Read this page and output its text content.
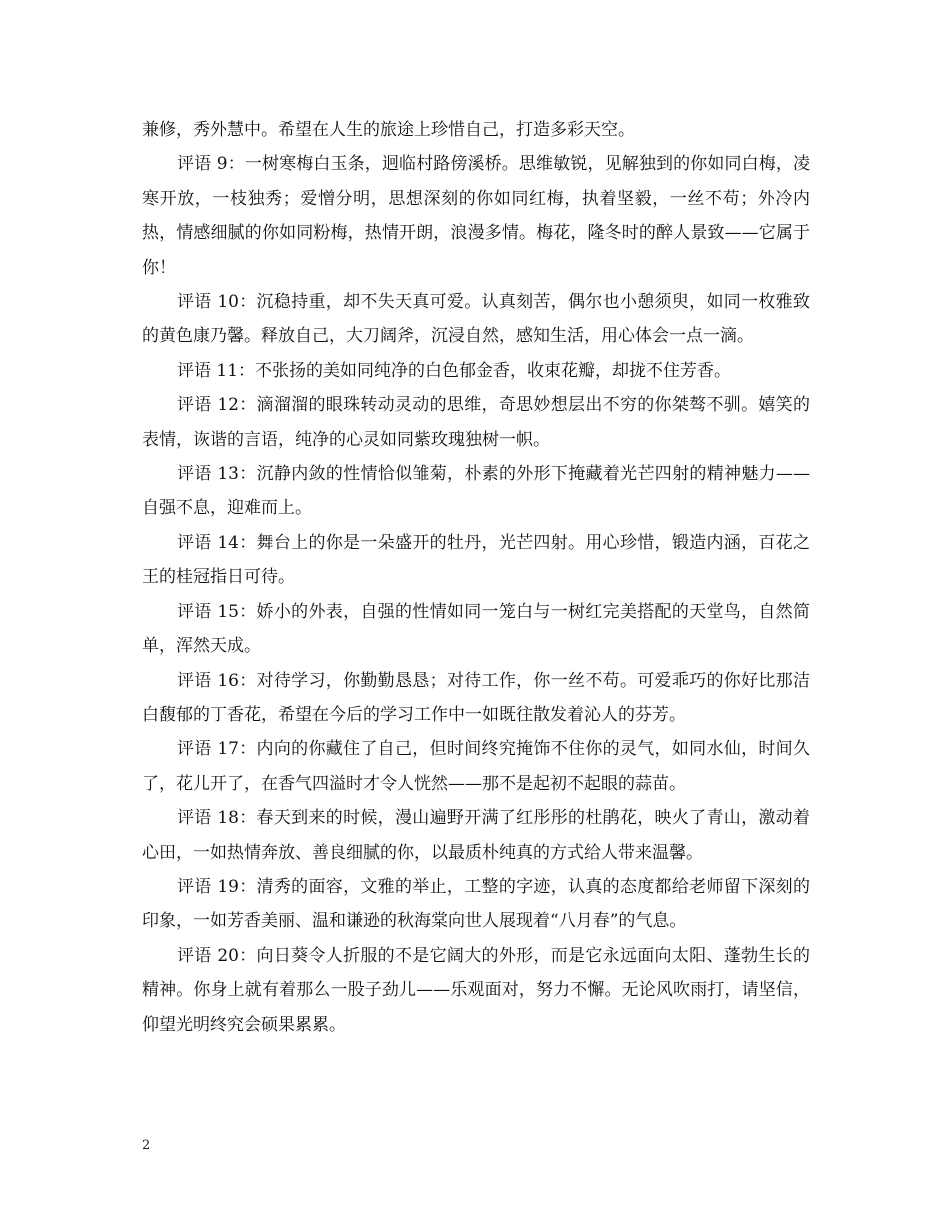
兼修，秀外慧中。希望在人生的旅途上珍惜自己，打造多彩天空。

评语 9：一树寒梅白玉条，迥临村路傍溪桥。思维敏锐，见解独到的你如同白梅，凌寒开放，一枝独秀；爱憎分明，思想深刻的你如同红梅，执着坚毅，一丝不苟；外冷内热，情感细腻的你如同粉梅，热情开朗，浪漫多情。梅花，隆冬时的醉人景致——它属于你！

评语 10：沉稳持重，却不失天真可爱。认真刻苦，偶尔也小憩须臾，如同一枚雅致的黄色康乃馨。释放自己，大刀阔斧，沉浸自然，感知生活，用心体会一点一滴。

评语 11：不张扬的美如同纯净的白色郁金香，收束花瓣，却拢不住芳香。

评语 12：滴溜溜的眼珠转动灵动的思维，奇思妙想层出不穷的你桀骜不驯。嬉笑的表情，诙谐的言语，纯净的心灵如同紫玫瑰独树一帜。

评语 13：沉静内敛的性情恰似雏菊，朴素的外形下掩藏着光芒四射的精神魅力——自强不息，迎难而上。

评语 14：舞台上的你是一朵盛开的牡丹，光芒四射。用心珍惜，锻造内涵，百花之王的桂冠指日可待。

评语 15：娇小的外表，自强的性情如同一笼白与一树红完美搭配的天堂鸟，自然简单，浑然天成。

评语 16：对待学习，你勤勤恳恳；对待工作，你一丝不苟。可爱乖巧的你好比那洁白馥郁的丁香花，希望在今后的学习工作中一如既往散发着沁人的芬芳。

评语 17：内向的你藏住了自己，但时间终究掩饰不住你的灵气，如同水仙，时间久了，花儿开了，在香气四溢时才令人恍然——那不是起初不起眼的蒜苗。

评语 18：春天到来的时候，漫山遍野开满了红彤彤的杜鹃花，映火了青山，激动着心田，一如热情奔放、善良细腻的你，以最质朴纯真的方式给人带来温馨。

评语 19：清秀的面容，文雅的举止，工整的字迹，认真的态度都给老师留下深刻的印象，一如芳香美丽、温和谦逊的秋海棠向世人展现着“八月春”的气息。

评语 20：向日葵令人折服的不是它阔大的外形，而是它永远面向太阳、蓬勃生长的精神。你身上就有着那么一股子劲儿——乐观面对，努力不懈。无论风吹雨打，请坚信，仰望光明终究会硕果累累。

2
